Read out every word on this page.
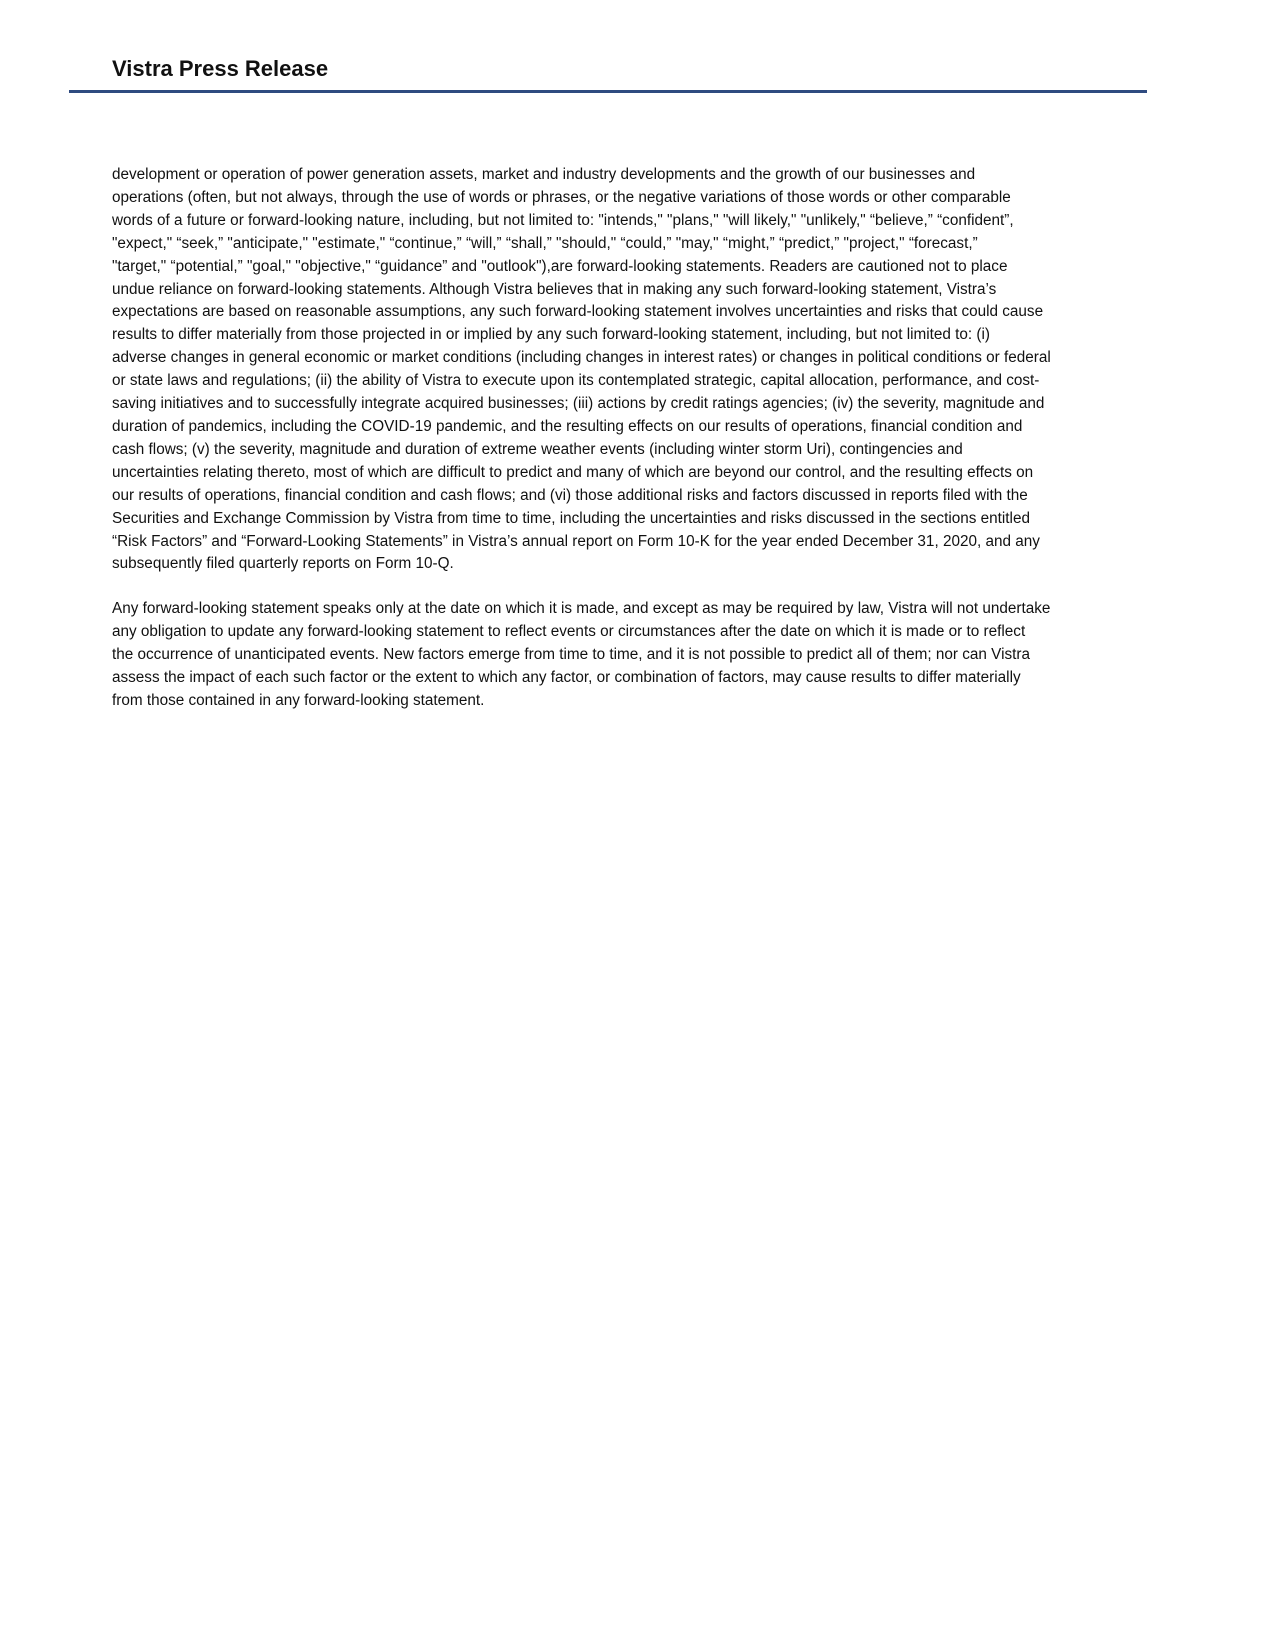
Vistra Press Release
development or operation of power generation assets, market and industry developments and the growth of our businesses and
operations (often, but not always, through the use of words or phrases, or the negative variations of those words or other comparable
words of a future or forward-looking nature, including, but not limited to: "intends," "plans," "will likely," "unlikely," “believe,” “confident”,
"expect," “seek,” "anticipate," "estimate," “continue,” “will,” “shall,” "should," “could,” "may," “might,” “predict,” "project," “forecast,”
"target," “potential,” "goal," "objective," “guidance” and "outlook"),are forward-looking statements. Readers are cautioned not to place
undue reliance on forward-looking statements. Although Vistra believes that in making any such forward-looking statement, Vistra’s
expectations are based on reasonable assumptions, any such forward-looking statement involves uncertainties and risks that could cause
results to differ materially from those projected in or implied by any such forward-looking statement, including, but not limited to: (i)
adverse changes in general economic or market conditions (including changes in interest rates) or changes in political conditions or federal
or state laws and regulations; (ii) the ability of Vistra to execute upon its contemplated strategic, capital allocation, performance, and cost-
saving initiatives and to successfully integrate acquired businesses; (iii) actions by credit ratings agencies; (iv) the severity, magnitude and
duration of pandemics, including the COVID-19 pandemic, and the resulting effects on our results of operations, financial condition and
cash flows; (v) the severity, magnitude and duration of extreme weather events (including winter storm Uri), contingencies and
uncertainties relating thereto, most of which are difficult to predict and many of which are beyond our control, and the resulting effects on
our results of operations, financial condition and cash flows; and (vi) those additional risks and factors discussed in reports filed with the
Securities and Exchange Commission by Vistra from time to time, including the uncertainties and risks discussed in the sections entitled
“Risk Factors” and “Forward-Looking Statements” in Vistra’s annual report on Form 10-K for the year ended December 31, 2020, and any
subsequently filed quarterly reports on Form 10-Q.
Any forward-looking statement speaks only at the date on which it is made, and except as may be required by law, Vistra will not undertake
any obligation to update any forward-looking statement to reflect events or circumstances after the date on which it is made or to reflect
the occurrence of unanticipated events. New factors emerge from time to time, and it is not possible to predict all of them; nor can Vistra
assess the impact of each such factor or the extent to which any factor, or combination of factors, may cause results to differ materially
from those contained in any forward-looking statement.
